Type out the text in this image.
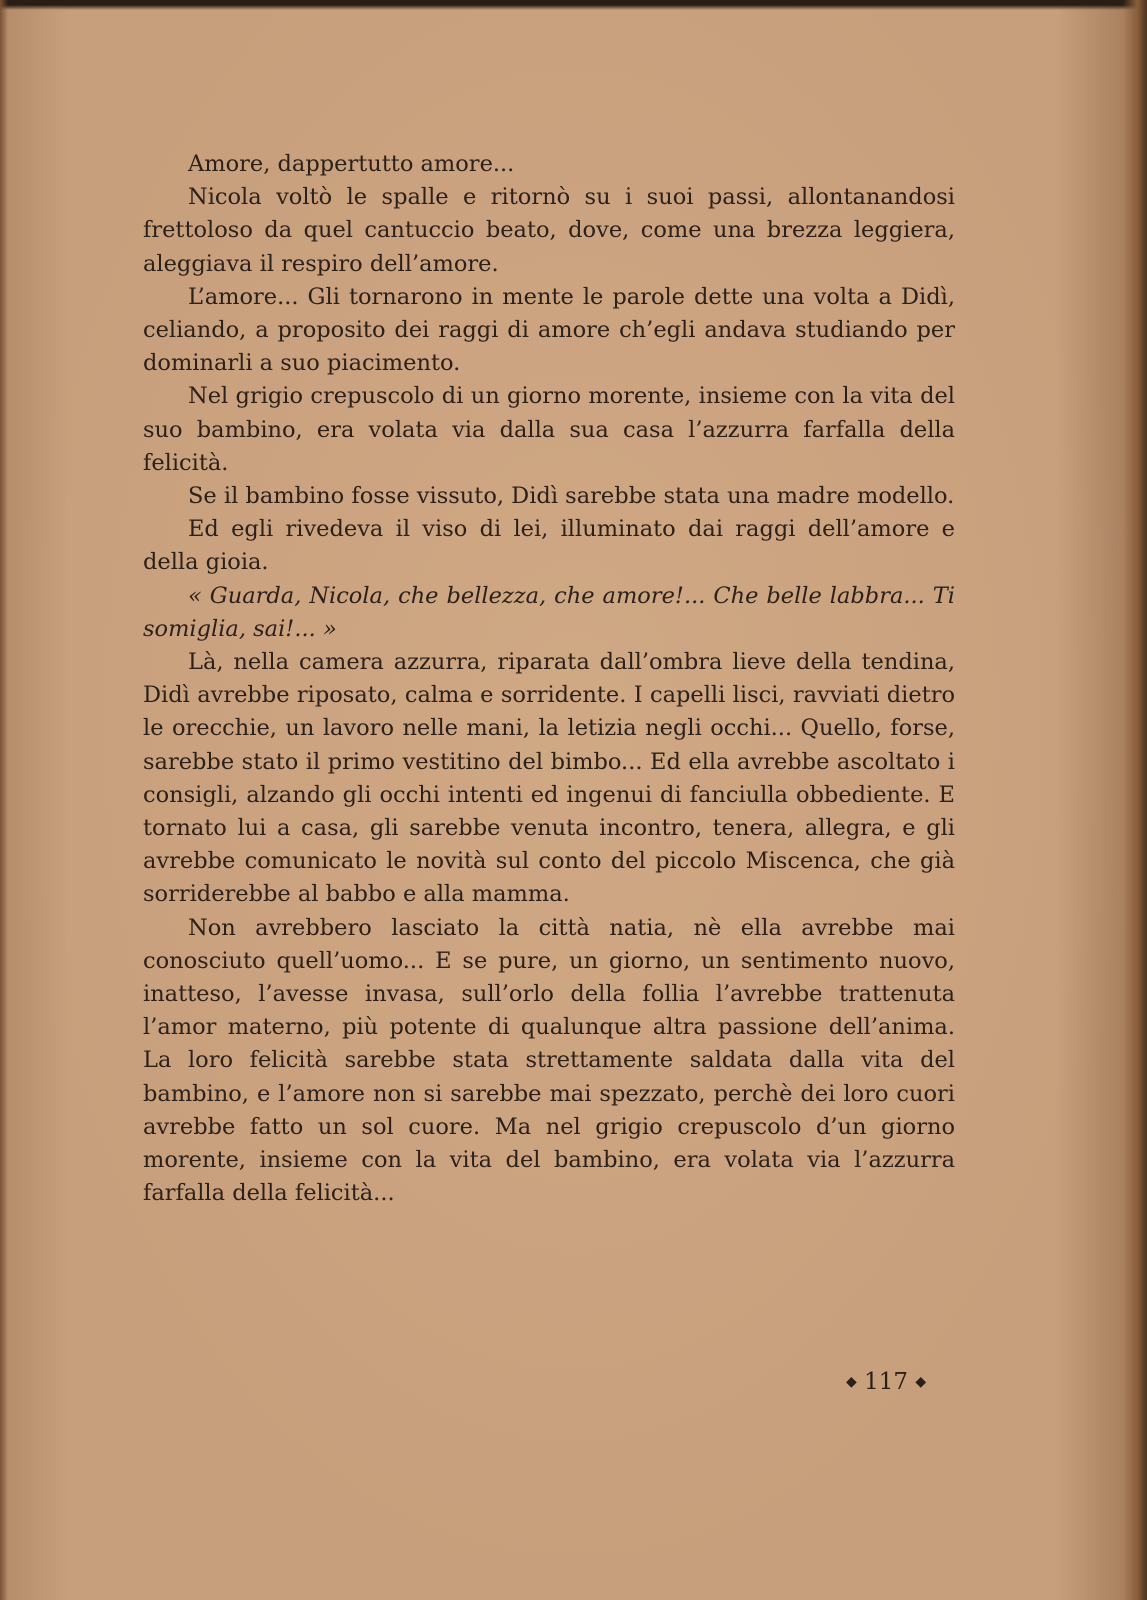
Amore, dappertutto amore...

Nicola voltò le spalle e ritornò su i suoi passi, allontanandosi frettoloso da quel cantuccio beato, dove, come una brezza leggiera, aleggiava il respiro dell’amore.

L’amore... Gli tornarono in mente le parole dette una volta a Didì, celiando, a proposito dei raggi di amore ch’egli andava studiando per dominarli a suo piacimento.

Nel grigio crepuscolo di un giorno morente, insieme con la vita del suo bambino, era volata via dalla sua casa l’azzurra farfalla della felicità.

Se il bambino fosse vissuto, Didì sarebbe stata una madre modello.

Ed egli rivedeva il viso di lei, illuminato dai raggi dell’amore e della gioia.

« Guarda, Nicola, che bellezza, che amore!... Che belle labbra... Ti somiglia, sai!... »

Là, nella camera azzurra, riparata dall’ombra lieve della tendina, Didì avrebbe riposato, calma e sorridente. I capelli lisci, ravviati dietro le orecchie, un lavoro nelle mani, la letizia negli occhi... Quello, forse, sarebbe stato il primo vestitino del bimbo... Ed ella avrebbe ascoltato i consigli, alzando gli occhi intenti ed ingenui di fanciulla obbediente. E tornato lui a casa, gli sarebbe venuta incontro, tenera, allegra, e gli avrebbe comunicato le novità sul conto del piccolo Miscenca, che già sorriderebbe al babbo e alla mamma.

Non avrebbero lasciato la città natia, nè ella avrebbe mai conosciuto quell’uomo... E se pure, un giorno, un sentimento nuovo, inatteso, l’avesse invasa, sull’orlo della follia l’avrebbe trattenuta l’amor materno, più potente di qualunque altra passione dell’anima. La loro felicità sarebbe stata strettamente saldata dalla vita del bambino, e l’amore non si sarebbe mai spezzato, perchè dei loro cuori avrebbe fatto un sol cuore. Ma nel grigio crepuscolo d’un giorno morente, insieme con la vita del bambino, era volata via l’azzurra farfalla della felicità...

◆ 117 ◆
